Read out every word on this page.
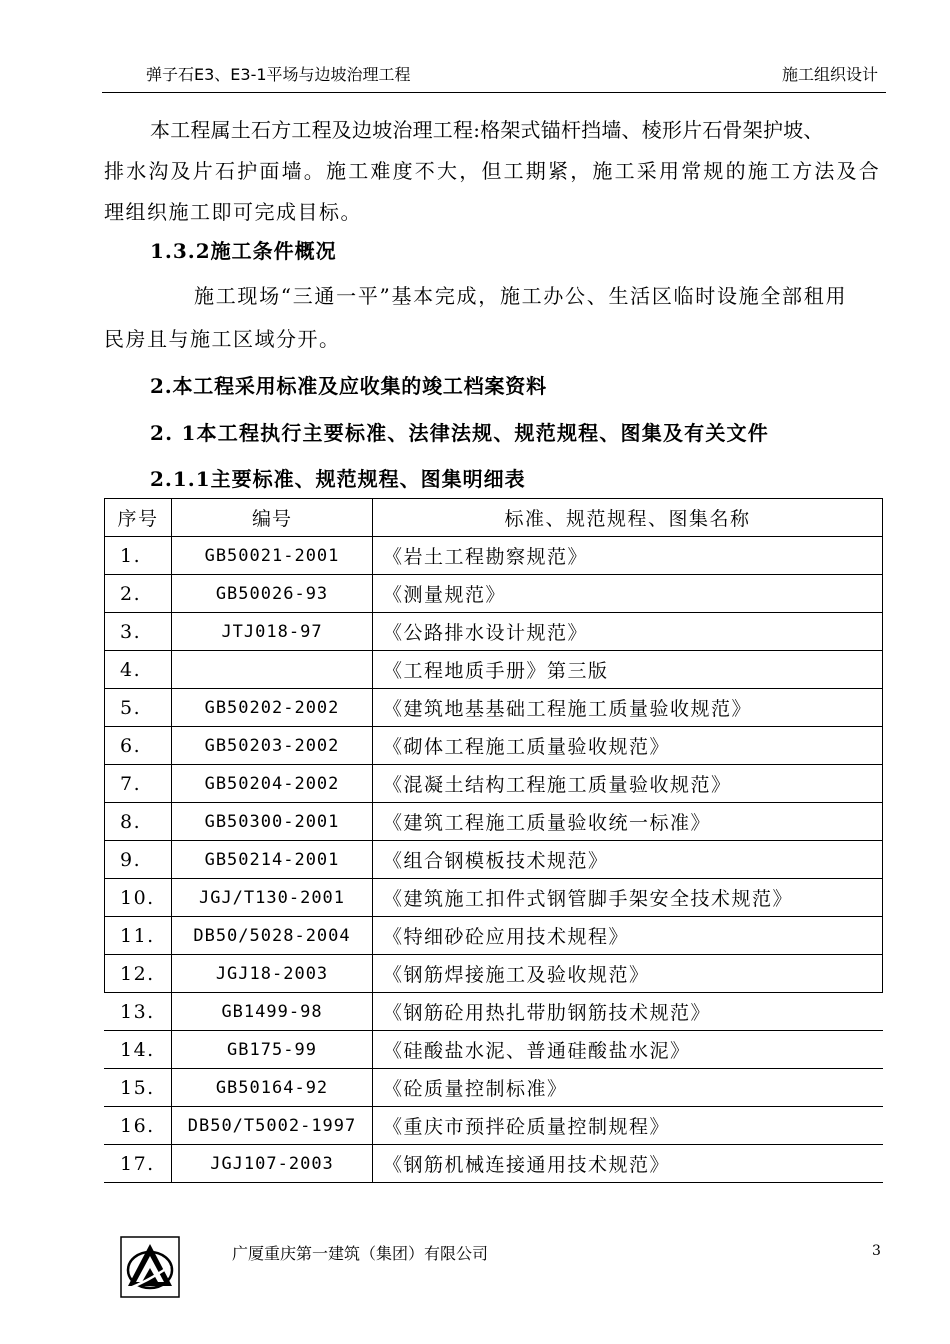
弹子石E3、E3-1平场与边坡治理工程	施工组织设计
本工程属土石方工程及边坡治理工程:格架式锚杆挡墙、棱形片石骨架护坡、
排水沟及片石护面墙。施工难度不大，但工期紧，施工采用常规的施工方法及合
理组织施工即可完成目标。
1.3.2施工条件概况
施工现场“三通一平”基本完成，施工办公、生活区临时设施全部租用
民房且与施工区域分开。
2.本工程采用标准及应收集的竣工档案资料
2. 1本工程执行主要标准、法律法规、规范规程、图集及有关文件
2.1.1主要标准、规范规程、图集明细表
序号	编号	标准、规范规程、图集名称
1.	GB50021-2001	《岩土工程勘察规范》
2.	GB50026-93	《测量规范》
3.	JTJ018-97	《公路排水设计规范》
4.		《工程地质手册》第三版
5.	GB50202-2002	《建筑地基基础工程施工质量验收规范》
6.	GB50203-2002	《砌体工程施工质量验收规范》
7.	GB50204-2002	《混凝土结构工程施工质量验收规范》
8.	GB50300-2001	《建筑工程施工质量验收统一标准》
9.	GB50214-2001	《组合钢模板技术规范》
10.	JGJ/T130-2001	《建筑施工扣件式钢管脚手架安全技术规范》
11.	DB50/5028-2004	《特细砂砼应用技术规程》
12.	JGJ18-2003	《钢筋焊接施工及验收规范》
13.	GB1499-98	《钢筋砼用热扎带肋钢筋技术规范》
14.	GB175-99	《硅酸盐水泥、普通硅酸盐水泥》
15.	GB50164-92	《砼质量控制标准》
16.	DB50/T5002-1997	《重庆市预拌砼质量控制规程》
17.	JGJ107-2003	《钢筋机械连接通用技术规范》
广厦重庆第一建筑（集团）有限公司	3
